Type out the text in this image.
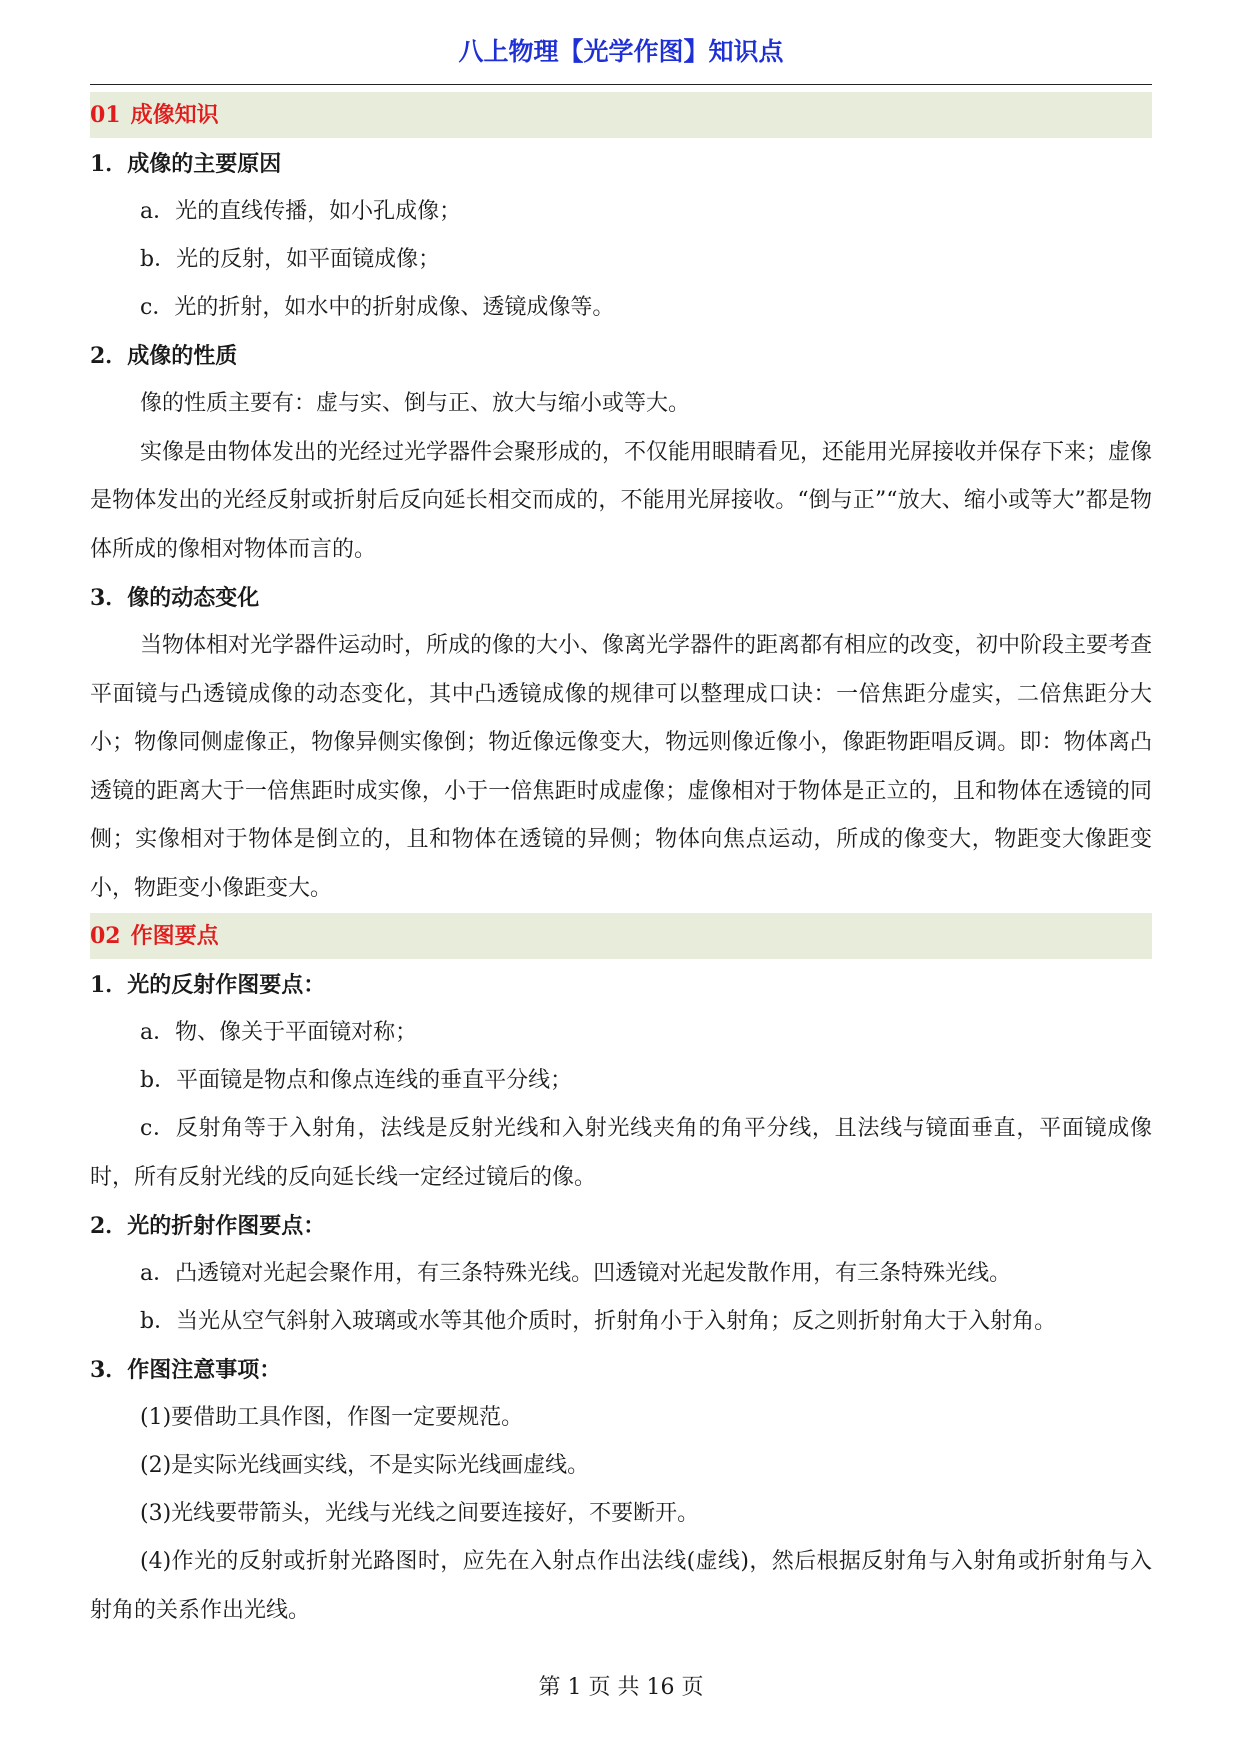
八上物理【光学作图】知识点
01 成像知识
1．成像的主要原因
a．光的直线传播，如小孔成像；
b．光的反射，如平面镜成像；
c．光的折射，如水中的折射成像、透镜成像等。
2．成像的性质
像的性质主要有：虚与实、倒与正、放大与缩小或等大。
实像是由物体发出的光经过光学器件会聚形成的，不仅能用眼睛看见，还能用光屏接收并保存下来；虚像是物体发出的光经反射或折射后反向延长相交而成的，不能用光屏接收。“倒与正”“放大、缩小或等大”都是物体所成的像相对物体而言的。
3．像的动态变化
当物体相对光学器件运动时，所成的像的大小、像离光学器件的距离都有相应的改变，初中阶段主要考查平面镜与凸透镜成像的动态变化，其中凸透镜成像的规律可以整理成口诀：一倍焦距分虚实，二倍焦距分大小；物像同侧虚像正，物像异侧实像倒；物近像远像变大，物远则像近像小，像距物距唱反调。即：物体离凸透镜的距离大于一倍焦距时成实像，小于一倍焦距时成虚像；虚像相对于物体是正立的，且和物体在透镜的同侧；实像相对于物体是倒立的，且和物体在透镜的异侧；物体向焦点运动，所成的像变大，物距变大像距变小，物距变小像距变大。
02 作图要点
1．光的反射作图要点：
a．物、像关于平面镜对称；
b．平面镜是物点和像点连线的垂直平分线；
c．反射角等于入射角，法线是反射光线和入射光线夹角的角平分线，且法线与镜面垂直，平面镜成像时，所有反射光线的反向延长线一定经过镜后的像。
2．光的折射作图要点：
a．凸透镜对光起会聚作用，有三条特殊光线。凹透镜对光起发散作用，有三条特殊光线。
b．当光从空气斜射入玻璃或水等其他介质时，折射角小于入射角；反之则折射角大于入射角。
3．作图注意事项：
(1)要借助工具作图，作图一定要规范。
(2)是实际光线画实线，不是实际光线画虚线。
(3)光线要带箭头，光线与光线之间要连接好，不要断开。
(4)作光的反射或折射光路图时，应先在入射点作出法线(虚线)，然后根据反射角与入射角或折射角与入射角的关系作出光线。
第 1 页 共 16 页
